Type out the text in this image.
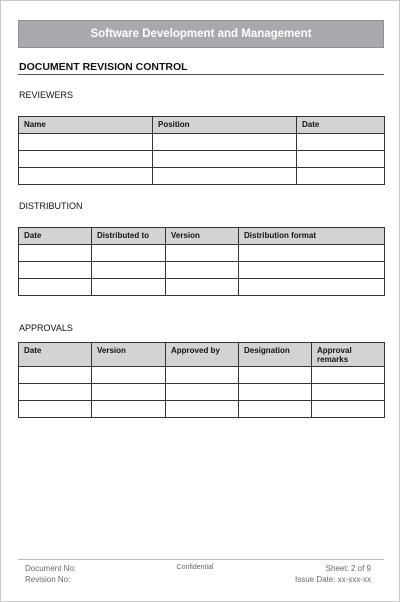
Software Development and Management
DOCUMENT REVISION CONTROL
REVIEWERS
Name	Position	Date

DISTRIBUTION
Date	Distributed to	Version	Distribution format

APPROVALS
Date	Version	Approved by	Designation	Approval remarks

Document No:
Revision No:
Confidential	Sheet: 2 of 9
Issue Date: xx-xxx-xx
